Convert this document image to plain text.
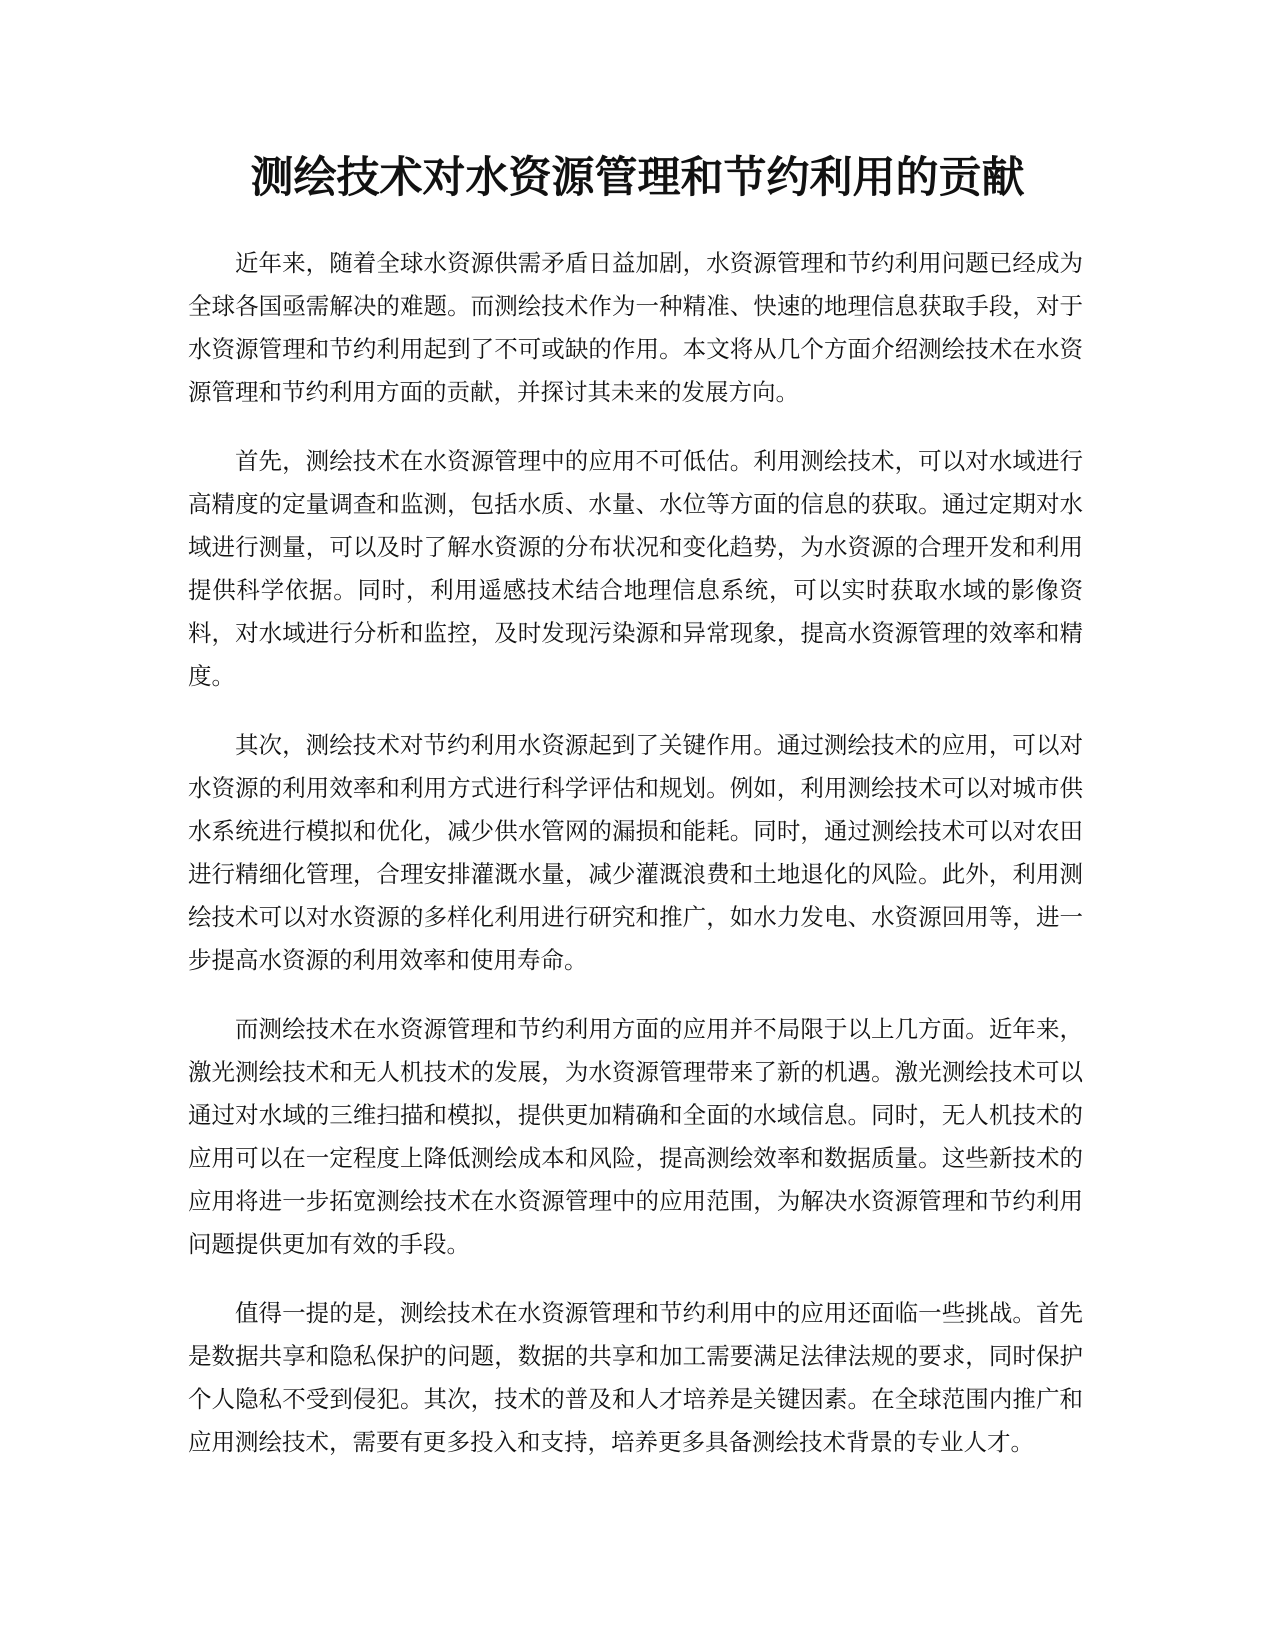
测绘技术对水资源管理和节约利用的贡献

近年来，随着全球水资源供需矛盾日益加剧，水资源管理和节约利用问题已经成为全球各国亟需解决的难题。而测绘技术作为一种精准、快速的地理信息获取手段，对于水资源管理和节约利用起到了不可或缺的作用。本文将从几个方面介绍测绘技术在水资源管理和节约利用方面的贡献，并探讨其未来的发展方向。

首先，测绘技术在水资源管理中的应用不可低估。利用测绘技术，可以对水域进行高精度的定量调查和监测，包括水质、水量、水位等方面的信息的获取。通过定期对水域进行测量，可以及时了解水资源的分布状况和变化趋势，为水资源的合理开发和利用提供科学依据。同时，利用遥感技术结合地理信息系统，可以实时获取水域的影像资料，对水域进行分析和监控，及时发现污染源和异常现象，提高水资源管理的效率和精度。

其次，测绘技术对节约利用水资源起到了关键作用。通过测绘技术的应用，可以对水资源的利用效率和利用方式进行科学评估和规划。例如，利用测绘技术可以对城市供水系统进行模拟和优化，减少供水管网的漏损和能耗。同时，通过测绘技术可以对农田进行精细化管理，合理安排灌溉水量，减少灌溉浪费和土地退化的风险。此外，利用测绘技术可以对水资源的多样化利用进行研究和推广，如水力发电、水资源回用等，进一步提高水资源的利用效率和使用寿命。

而测绘技术在水资源管理和节约利用方面的应用并不局限于以上几方面。近年来，激光测绘技术和无人机技术的发展，为水资源管理带来了新的机遇。激光测绘技术可以通过对水域的三维扫描和模拟，提供更加精确和全面的水域信息。同时，无人机技术的应用可以在一定程度上降低测绘成本和风险，提高测绘效率和数据质量。这些新技术的应用将进一步拓宽测绘技术在水资源管理中的应用范围，为解决水资源管理和节约利用问题提供更加有效的手段。

值得一提的是，测绘技术在水资源管理和节约利用中的应用还面临一些挑战。首先是数据共享和隐私保护的问题，数据的共享和加工需要满足法律法规的要求，同时保护个人隐私不受到侵犯。其次，技术的普及和人才培养是关键因素。在全球范围内推广和应用测绘技术，需要有更多投入和支持，培养更多具备测绘技术背景的专业人才。
